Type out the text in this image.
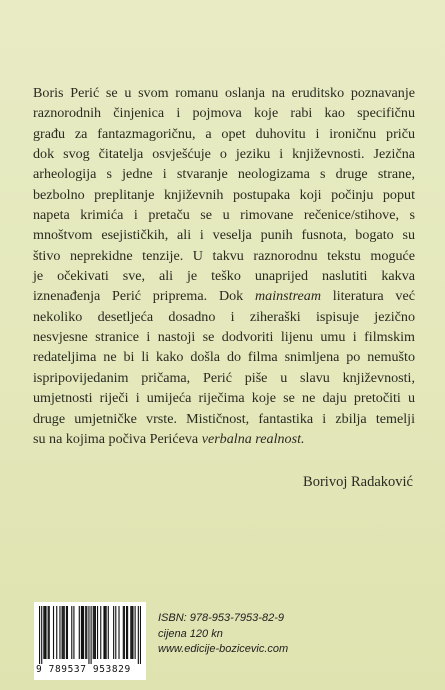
Boris Perić se u svom romanu oslanja na eruditsko poznavanje
raznorodnih činjenica i pojmova koje rabi kao specifičnu
građu za fantazmagoričnu, a opet duhovitu i ironičnu priču
dok svog čitatelja osvješćuje o jeziku i književnosti. Jezična
arheologija s jedne i stvaranje neologizama s druge strane,
bezbolno preplitanje književnih postupaka koji počinju poput
napeta krimića i pretaču se u rimovane rečenice/stihove, s
mnoštvom esejističkih, ali i veselja punih fusnota, bogato su
štivo neprekidne tenzije. U takvu raznorodnu tekstu moguće
je očekivati sve, ali je teško unaprijed naslutiti kakva
iznenađenja Perić priprema. Dok mainstream literatura već
nekoliko desetljeća dosadno i ziheraški ispisuje jezično
nesvjesne stranice i nastoji se dodvoriti lijenu umu i filmskim
redateljima ne bi li kako došla do filma snimljena po nemušto
ispripovijedanim pričama, Perić piše u slavu književnosti,
umjetnosti riječi i umijeća riječima koje se ne daju pretočiti u
druge umjetničke vrste. Mističnost, fantastika i zbilja temelji
su na kojima počiva Perićeva verbalna realnost.
Borivoj Radaković
9 789537 953829
ISBN: 978-953-7953-82-9
cijena 120 kn
www.edicije-bozicevic.com
